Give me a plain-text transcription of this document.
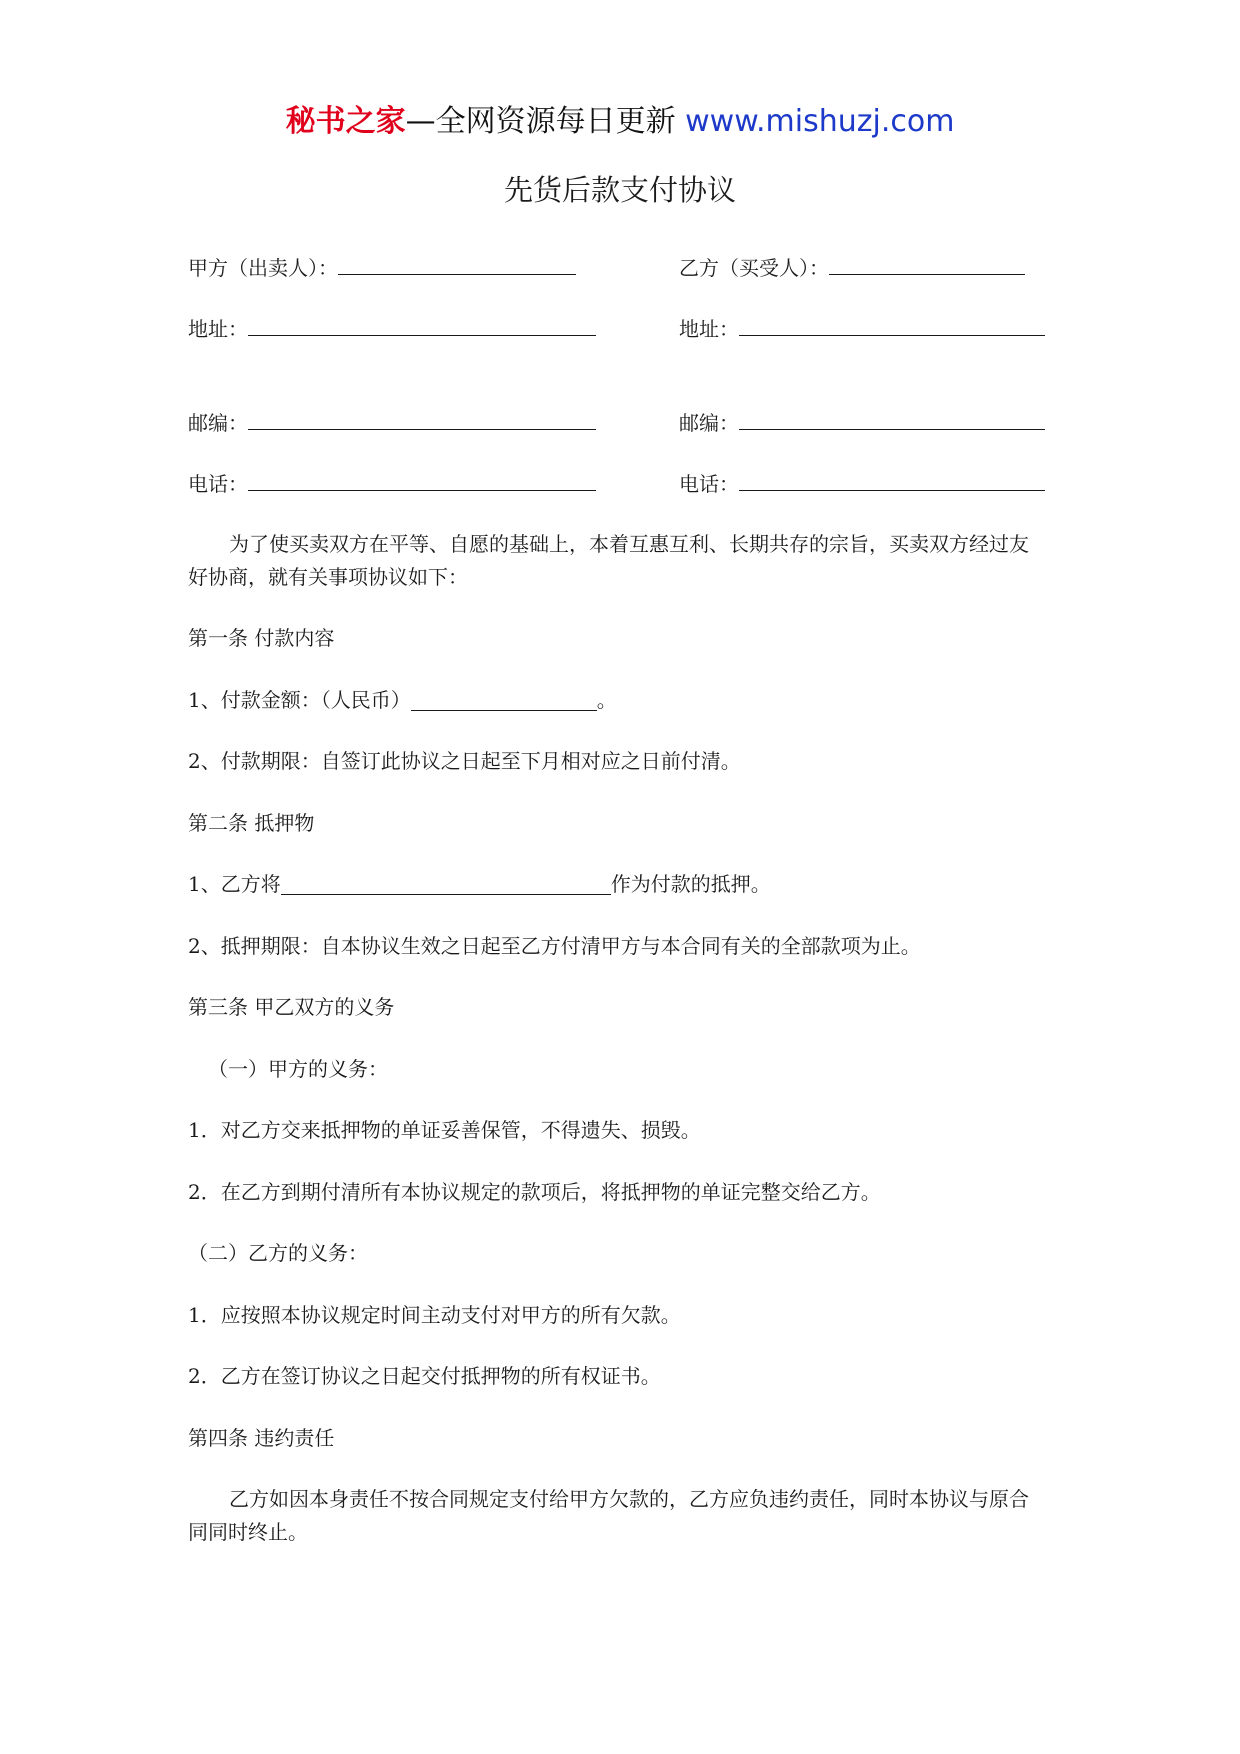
秘书之家—全网资源每日更新 www.mishuzj.com
先货后款支付协议
甲方（出卖人）：
地址：
邮编：
电话：
乙方（买受人）：
地址：
邮编：
电话：
为了使买卖双方在平等、自愿的基础上，本着互惠互利、长期共存的宗旨，买卖双方经过友好协商，就有关事项协议如下：
第一条 付款内容
1、付款金额：（人民币）	。
2、付款期限：自签订此协议之日起至下月相对应之日前付清。
第二条 抵押物
1、乙方将	作为付款的抵押。
2、抵押期限：自本协议生效之日起至乙方付清甲方与本合同有关的全部款项为止。
第三条 甲乙双方的义务
（一）甲方的义务：
1．对乙方交来抵押物的单证妥善保管，不得遗失、损毁。
2．在乙方到期付清所有本协议规定的款项后，将抵押物的单证完整交给乙方。
（二）乙方的义务：
1．应按照本协议规定时间主动支付对甲方的所有欠款。
2．乙方在签订协议之日起交付抵押物的所有权证书。
第四条 违约责任
乙方如因本身责任不按合同规定支付给甲方欠款的，乙方应负违约责任，同时本协议与原合同同时终止。
